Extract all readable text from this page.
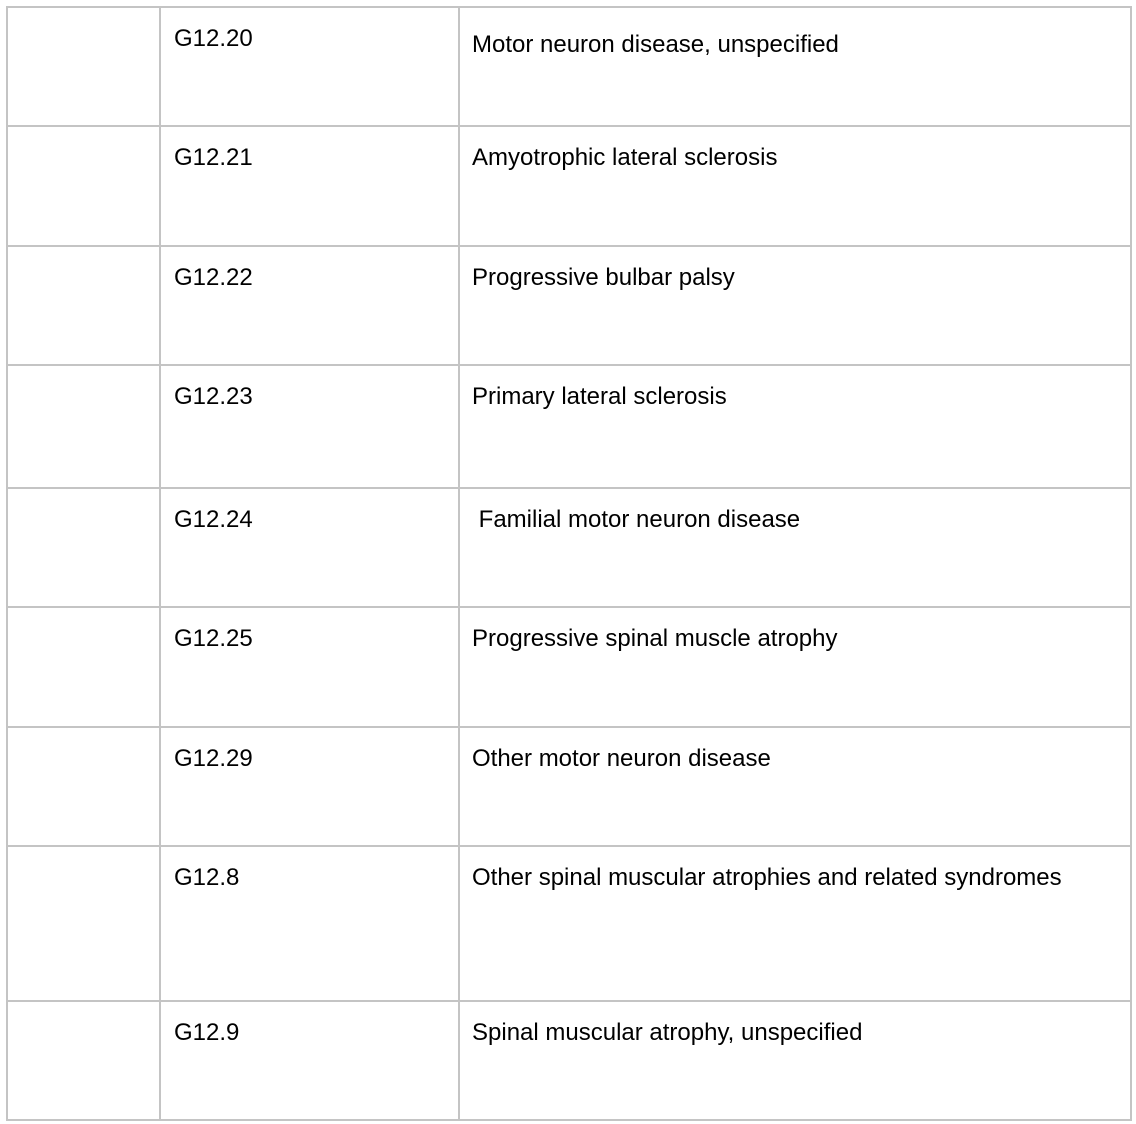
	G12.20	Motor neuron disease, unspecified
	G12.21	Amyotrophic lateral sclerosis
	G12.22	Progressive bulbar palsy
	G12.23	Primary lateral sclerosis
	G12.24	Familial motor neuron disease
	G12.25	Progressive spinal muscle atrophy
	G12.29	Other motor neuron disease
	G12.8	Other spinal muscular atrophies and related syndromes
	G12.9	Spinal muscular atrophy, unspecified
